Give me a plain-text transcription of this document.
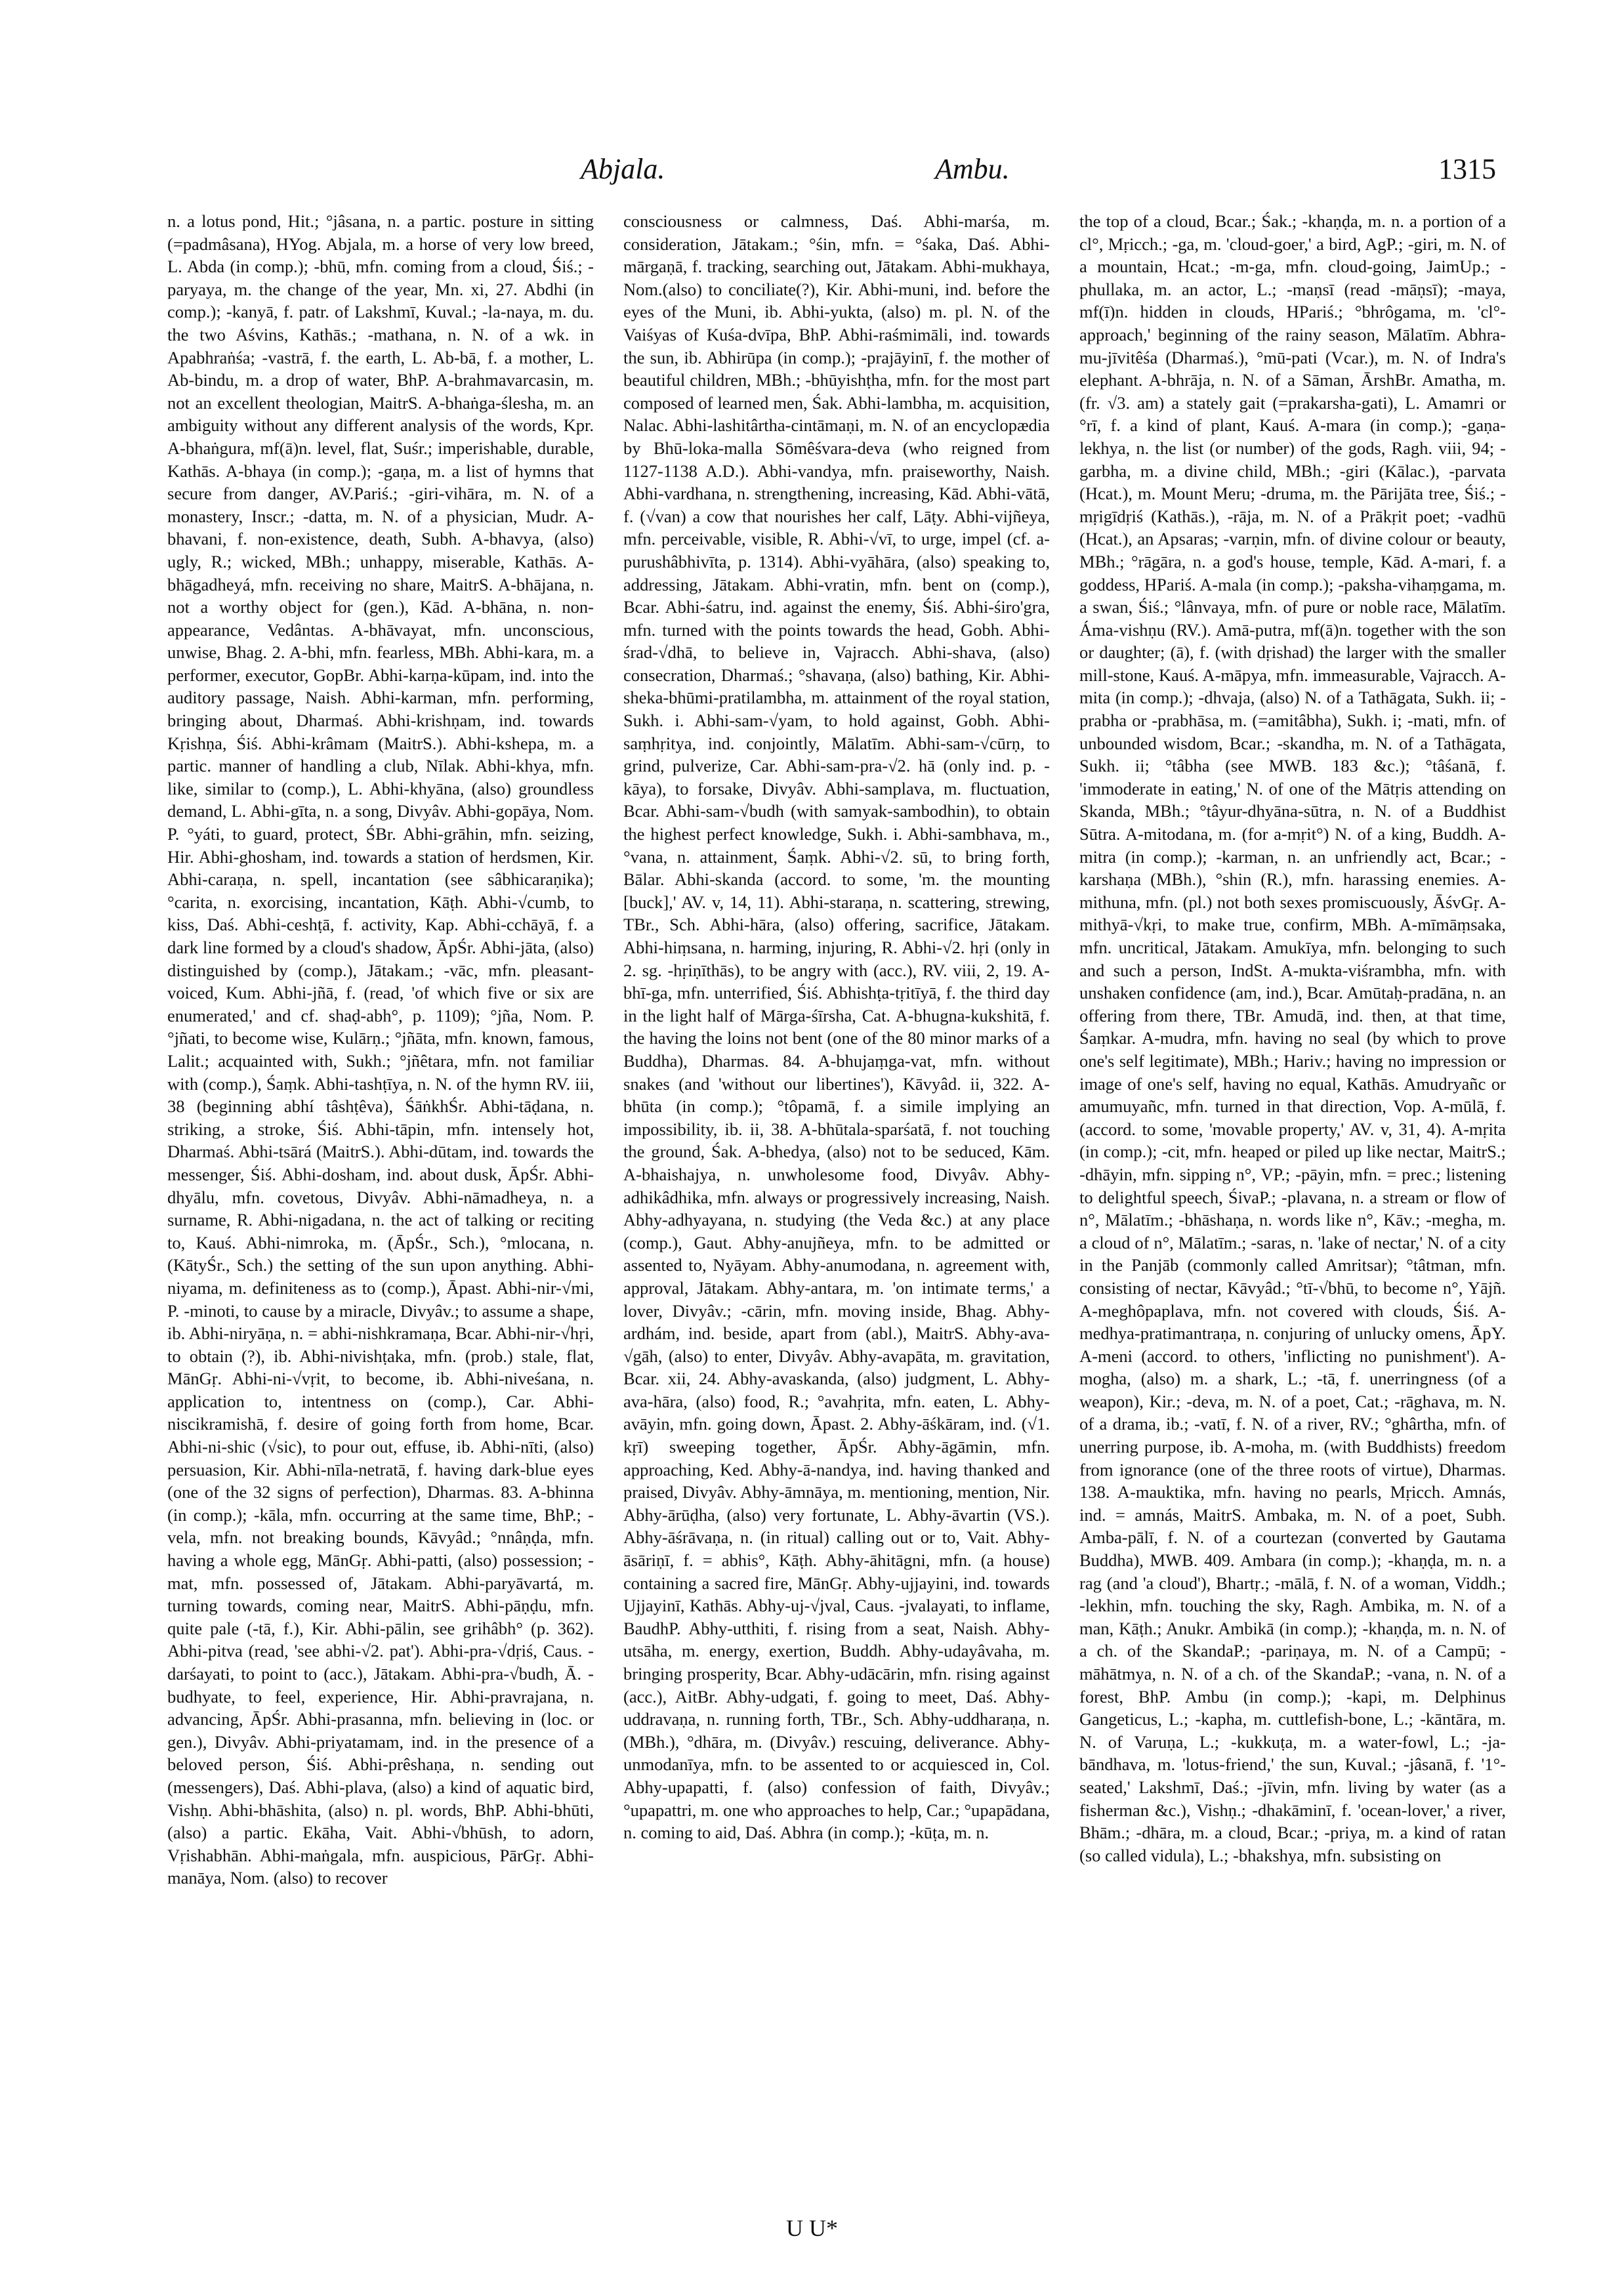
Abjala.	Ambu.	1315

n. a lotus pond, Hit.; °jâsana, n. a partic. posture in sitting (=padmâsana), HYog. Abjala, m. a horse of very low breed, L. Abda (in comp.); -bhū, mfn. coming from a cloud, Śiś.; -paryaya, m. the change of the year, Mn. xi, 27. Abdhi (in comp.); -kanyā, f. patr. of Lakshmī, Kuval.; -la-naya, m. du. the two Aśvins, Kathās.; -mathana, n. N. of a wk. in Apabhraṅśa; -vastrā, f. the earth, L. Ab-bā, f. a mother, L. Ab-bindu, m. a drop of water, BhP. A-brahmavarcasin, m. not an excellent theologian, MaitrS. A-bhaṅga-ślesha, m. an ambiguity without any different analysis of the words, Kpr. A-bhaṅgura, mf(ā)n. level, flat, Suśr.; imperishable, durable, Kathās. A-bhaya (in comp.); -gaṇa, m. a list of hymns that secure from danger, AV.Pariś.; -giri-vihāra, m. N. of a monastery, Inscr.; -datta, m. N. of a physician, Mudr. A-bhavani, f. non-existence, death, Subh. A-bhavya, (also) ugly, R.; wicked, MBh.; unhappy, miserable, Kathās. A-bhāgadheyá, mfn. receiving no share, MaitrS. A-bhājana, n. not a worthy object for (gen.), Kād. A-bhāna, n. non-appearance, Vedântas. A-bhāvayat, mfn. unconscious, unwise, Bhag. 2. A-bhi, mfn. fearless, MBh. Abhi-kara, m. a performer, executor, GopBr. Abhi-karṇa-kūpam, ind. into the auditory passage, Naish. Abhi-karman, mfn. performing, bringing about, Dharmaś. Abhi-krishṇam, ind. towards Kṛishṇa, Śiś. Abhi-krâmam (MaitrS.). Abhi-kshepa, m. a partic. manner of handling a club, Nīlak. Abhi-khya, mfn. like, similar to (comp.), L. Abhi-khyāna, (also) groundless demand, L. Abhi-gīta, n. a song, Divyâv. Abhi-gopāya, Nom. P. °yáti, to guard, protect, ŚBr. Abhi-grāhin, mfn. seizing, Hir. Abhi-ghosham, ind. towards a station of herdsmen, Kir. Abhi-caraṇa, n. spell, incantation (see sâbhicaraṇika); °carita, n. exorcising, incantation, Kāṭh. Abhi-√cumb, to kiss, Daś. Abhi-ceshṭā, f. activity, Kap. Abhi-cchāyā, f. a dark line formed by a cloud's shadow, ĀpŚr. Abhi-jāta, (also) distinguished by (comp.), Jātakam.; -vāc, mfn. pleasant-voiced, Kum. Abhi-jñā, f. (read, 'of which five or six are enumerated,' and cf. shaḍ-abh°, p. 1109); °jña, Nom. P. °jñati, to become wise, Kulārṇ.; °jñāta, mfn. known, famous, Lalit.; acquainted with, Sukh.; °jñêtara, mfn. not familiar with (comp.), Śaṃk. Abhi-tashṭīya, n. N. of the hymn RV. iii, 38 (beginning abhí tâshṭêva), ŚāṅkhŚr. Abhi-tāḍana, n. striking, a stroke, Śiś. Abhi-tāpin, mfn. intensely hot, Dharmaś. Abhi-tsārá (MaitrS.). Abhi-dūtam, ind. towards the messenger, Śiś. Abhi-dosham, ind. about dusk, ĀpŚr. Abhi-dhyālu, mfn. covetous, Divyâv. Abhi-nāmadheya, n. a surname, R. Abhi-nigadana, n. the act of talking or reciting to, Kauś. Abhi-nimroka, m. (ĀpŚr., Sch.), °mlocana, n. (KātyŚr., Sch.) the setting of the sun upon anything. Abhi-niyama, m. definiteness as to (comp.), Āpast. Abhi-nir-√mi, P. -minoti, to cause by a miracle, Divyâv.; to assume a shape, ib. Abhi-niryāṇa, n. = abhi-nishkramaṇa, Bcar. Abhi-nir-√hṛi, to obtain (?), ib. Abhi-nivishṭaka, mfn. (prob.) stale, flat, MānGṛ. Abhi-ni-√vṛit, to become, ib. Abhi-niveśana, n. application to, intentness on (comp.), Car. Abhi-niscikramishā, f. desire of going forth from home, Bcar. Abhi-ni-shic (√sic), to pour out, effuse, ib. Abhi-nīti, (also) persuasion, Kir. Abhi-nīla-netratā, f. having dark-blue eyes (one of the 32 signs of perfection), Dharmas. 83. A-bhinna (in comp.); -kāla, mfn. occurring at the same time, BhP.; -vela, mfn. not breaking bounds, Kāvyâd.; °nnâṇḍa, mfn. having a whole egg, MānGṛ. Abhi-patti, (also) possession; -mat, mfn. possessed of, Jātakam. Abhi-paryāvartá, m. turning towards, coming near, MaitrS. Abhi-pāṇḍu, mfn. quite pale (-tā, f.), Kir. Abhi-pālin, see grihâbh° (p. 362). Abhi-pitva (read, 'see abhi-√2. pat'). Abhi-pra-√dṛiś, Caus. -darśayati, to point to (acc.), Jātakam. Abhi-pra-√budh, Ā. -budhyate, to feel, experience, Hir. Abhi-pravrajana, n. advancing, ĀpŚr. Abhi-prasanna, mfn. believing in (loc. or gen.), Divyâv. Abhi-priyatamam, ind. in the presence of a beloved person, Śiś. Abhi-prêshaṇa, n. sending out (messengers), Daś. Abhi-plava, (also) a kind of aquatic bird, Vishṇ. Abhi-bhāshita, (also) n. pl. words, BhP. Abhi-bhūti, (also) a partic. Ekāha, Vait. Abhi-√bhūsh, to adorn, Vṛishabhān. Abhi-maṅgala, mfn. auspicious, PārGṛ. Abhi-manāya, Nom. (also) to recover

consciousness or calmness, Daś. Abhi-marśa, m. consideration, Jātakam.; °śin, mfn. = °śaka, Daś. Abhi-mārgaṇā, f. tracking, searching out, Jātakam. Abhi-mukhaya, Nom.(also) to conciliate(?), Kir. Abhi-muni, ind. before the eyes of the Muni, ib. Abhi-yukta, (also) m. pl. N. of the Vaiśyas of Kuśa-dvīpa, BhP. Abhi-raśmimāli, ind. towards the sun, ib. Abhirūpa (in comp.); -prajāyinī, f. the mother of beautiful children, MBh.; -bhūyishṭha, mfn. for the most part composed of learned men, Śak. Abhi-lambha, m. acquisition, Nalac. Abhi-lashitârtha-cintāmaṇi, m. N. of an encyclopædia by Bhū-loka-malla Sōmêśvara-deva (who reigned from 1127-1138 A.D.). Abhi-vandya, mfn. praiseworthy, Naish. Abhi-vardhana, n. strengthening, increasing, Kād. Abhi-vātā, f. (√van) a cow that nourishes her calf, Lāṭy. Abhi-vijñeya, mfn. perceivable, visible, R. Abhi-√vī, to urge, impel (cf. a-purushâbhivīta, p. 1314). Abhi-vyāhāra, (also) speaking to, addressing, Jātakam. Abhi-vratin, mfn. bent on (comp.), Bcar. Abhi-śatru, ind. against the enemy, Śiś. Abhi-śiro'gra, mfn. turned with the points towards the head, Gobh. Abhi-śrad-√dhā, to believe in, Vajracch. Abhi-shava, (also) consecration, Dharmaś.; °shavaṇa, (also) bathing, Kir. Abhi-sheka-bhūmi-pratilambha, m. attainment of the royal station, Sukh. i. Abhi-sam-√yam, to hold against, Gobh. Abhi-saṃhṛitya, ind. conjointly, Mālatīm. Abhi-sam-√cūrṇ, to grind, pulverize, Car. Abhi-sam-pra-√2. hā (only ind. p. -kāya), to forsake, Divyâv. Abhi-samplava, m. fluctuation, Bcar. Abhi-sam-√budh (with samyak-sambodhin), to obtain the highest perfect knowledge, Sukh. i. Abhi-sambhava, m., °vana, n. attainment, Śaṃk. Abhi-√2. sū, to bring forth, Bālar. Abhi-skanda (accord. to some, 'm. the mounting [buck],' AV. v, 14, 11). Abhi-staraṇa, n. scattering, strewing, TBr., Sch. Abhi-hāra, (also) offering, sacrifice, Jātakam. Abhi-hiṃsana, n. harming, injuring, R. Abhi-√2. hṛi (only in 2. sg. -hṛiṇīthās), to be angry with (acc.), RV. viii, 2, 19. A-bhī-ga, mfn. unterrified, Śiś. Abhishṭa-tṛitīyā, f. the third day in the light half of Mārga-śīrsha, Cat. A-bhugna-kukshitā, f. the having the loins not bent (one of the 80 minor marks of a Buddha), Dharmas. 84. A-bhujaṃga-vat, mfn. without snakes (and 'without our libertines'), Kāvyâd. ii, 322. A-bhūta (in comp.); °tôpamā, f. a simile implying an impossibility, ib. ii, 38. A-bhūtala-sparśatā, f. not touching the ground, Śak. A-bhedya, (also) not to be seduced, Kām. A-bhaishajya, n. unwholesome food, Divyâv. Abhy-adhikâdhika, mfn. always or progressively increasing, Naish. Abhy-adhyayana, n. studying (the Veda &c.) at any place (comp.), Gaut. Abhy-anujñeya, mfn. to be admitted or assented to, Nyāyam. Abhy-anumodana, n. agreement with, approval, Jātakam. Abhy-antara, m. 'on intimate terms,' a lover, Divyâv.; -cārin, mfn. moving inside, Bhag. Abhy-ardhám, ind. beside, apart from (abl.), MaitrS. Abhy-ava-√gāh, (also) to enter, Divyâv. Abhy-avapāta, m. gravitation, Bcar. xii, 24. Abhy-avaskanda, (also) judgment, L. Abhy-ava-hāra, (also) food, R.; °avahṛita, mfn. eaten, L. Abhy-avāyin, mfn. going down, Āpast. 2. Abhy-āśkāram, ind. (√1. kṛī) sweeping together, ĀpŚr. Abhy-āgāmin, mfn. approaching, Ked. Abhy-ā-nandya, ind. having thanked and praised, Divyâv. Abhy-āmnāya, m. mentioning, mention, Nir. Abhy-ārūḍha, (also) very fortunate, L. Abhy-āvartin (VS.). Abhy-āśrāvaṇa, n. (in ritual) calling out or to, Vait. Abhy-āsāriṇī, f. = abhis°, Kāṭh. Abhy-āhitāgni, mfn. (a house) containing a sacred fire, MānGṛ. Abhy-ujjayini, ind. towards Ujjayinī, Kathās. Abhy-uj-√jval, Caus. -jvalayati, to inflame, BaudhP. Abhy-utthiti, f. rising from a seat, Naish. Abhy-utsāha, m. energy, exertion, Buddh. Abhy-udayâvaha, m. bringing prosperity, Bcar. Abhy-udācārin, mfn. rising against (acc.), AitBr. Abhy-udgati, f. going to meet, Daś. Abhy-uddravaṇa, n. running forth, TBr., Sch. Abhy-uddharaṇa, n. (MBh.), °dhāra, m. (Divyâv.) rescuing, deliverance. Abhy-unmodanīya, mfn. to be assented to or acquiesced in, Col. Abhy-upapatti, f. (also) confession of faith, Divyâv.; °upapattri, m. one who approaches to help, Car.; °upapādana, n. coming to aid, Daś. Abhra (in comp.); -kūṭa, m. n.

the top of a cloud, Bcar.; Śak.; -khaṇḍa, m. n. a portion of a cl°, Mṛicch.; -ga, m. 'cloud-goer,' a bird, AgP.; -giri, m. N. of a mountain, Hcat.; -m-ga, mfn. cloud-going, JaimUp.; -phullaka, m. an actor, L.; -maṇsī (read -māṇsī); -maya, mf(ī)n. hidden in clouds, HPariś.; °bhrôgama, m. 'cl°-approach,' beginning of the rainy season, Mālatīm. Abhra-mu-jīvitêśa (Dharmaś.), °mū-pati (Vcar.), m. N. of Indra's elephant. A-bhrāja, n. N. of a Sāman, ĀrshBr. Amatha, m. (fr. √3. am) a stately gait (=prakarsha-gati), L. Amamri or °rī, f. a kind of plant, Kauś. A-mara (in comp.); -gaṇa-lekhya, n. the list (or number) of the gods, Ragh. viii, 94; -garbha, m. a divine child, MBh.; -giri (Kālac.), -parvata (Hcat.), m. Mount Meru; -druma, m. the Pārijāta tree, Śiś.; -mṛigīdṛiś (Kathās.), -rāja, m. N. of a Prākṛit poet; -vadhū (Hcat.), an Apsaras; -varṇin, mfn. of divine colour or beauty, MBh.; °rāgāra, n. a god's house, temple, Kād. A-mari, f. a goddess, HPariś. A-mala (in comp.); -paksha-vihaṃgama, m. a swan, Śiś.; °lânvaya, mfn. of pure or noble race, Mālatīm. Áma-vishṇu (RV.). Amā-putra, mf(ā)n. together with the son or daughter; (ā), f. (with dṛishad) the larger with the smaller mill-stone, Kauś. A-māpya, mfn. immeasurable, Vajracch. A-mita (in comp.); -dhvaja, (also) N. of a Tathāgata, Sukh. ii; -prabha or -prabhāsa, m. (=amitâbha), Sukh. i; -mati, mfn. of unbounded wisdom, Bcar.; -skandha, m. N. of a Tathāgata, Sukh. ii; °tâbha (see MWB. 183 &c.); °tâśanā, f. 'immoderate in eating,' N. of one of the Mātṛis attending on Skanda, MBh.; °tâyur-dhyāna-sūtra, n. N. of a Buddhist Sūtra. A-mitodana, m. (for a-mṛit°) N. of a king, Buddh. A-mitra (in comp.); -karman, n. an unfriendly act, Bcar.; -karshaṇa (MBh.), °shin (R.), mfn. harassing enemies. A-mithuna, mfn. (pl.) not both sexes promiscuously, ĀśvGṛ. A-mithyā-√kṛi, to make true, confirm, MBh. A-mīmāṃsaka, mfn. uncritical, Jātakam. Amukīya, mfn. belonging to such and such a person, IndSt. A-mukta-viśrambha, mfn. with unshaken confidence (am, ind.), Bcar. Amūtaḥ-pradāna, n. an offering from there, TBr. Amudā, ind. then, at that time, Śaṃkar. A-mudra, mfn. having no seal (by which to prove one's self legitimate), MBh.; Hariv.; having no impression or image of one's self, having no equal, Kathās. Amudryañc or amumuyañc, mfn. turned in that direction, Vop. A-mūlā, f. (accord. to some, 'movable property,' AV. v, 31, 4). A-mṛita (in comp.); -cit, mfn. heaped or piled up like nectar, MaitrS.; -dhāyin, mfn. sipping n°, VP.; -pāyin, mfn. = prec.; listening to delightful speech, ŚivaP.; -plavana, n. a stream or flow of n°, Mālatīm.; -bhāshaṇa, n. words like n°, Kāv.; -megha, m. a cloud of n°, Mālatīm.; -saras, n. 'lake of nectar,' N. of a city in the Panjāb (commonly called Amritsar); °tâtman, mfn. consisting of nectar, Kāvyâd.; °tī-√bhū, to become n°, Yājñ. A-meghôpaplava, mfn. not covered with clouds, Śiś. A-medhya-pratimantraṇa, n. conjuring of unlucky omens, ĀpY. A-meni (accord. to others, 'inflicting no punishment'). A-mogha, (also) m. a shark, L.; -tā, f. unerringness (of a weapon), Kir.; -deva, m. N. of a poet, Cat.; -rāghava, m. N. of a drama, ib.; -vatī, f. N. of a river, RV.; °ghârtha, mfn. of unerring purpose, ib. A-moha, m. (with Buddhists) freedom from ignorance (one of the three roots of virtue), Dharmas. 138. A-mauktika, mfn. having no pearls, Mṛicch. Amnás, ind. = amnás, MaitrS. Ambaka, m. N. of a poet, Subh. Amba-pālī, f. N. of a courtezan (converted by Gautama Buddha), MWB. 409. Ambara (in comp.); -khaṇḍa, m. n. a rag (and 'a cloud'), Bhartṛ.; -mālā, f. N. of a woman, Viddh.; -lekhin, mfn. touching the sky, Ragh. Ambika, m. N. of a man, Kāṭh.; Anukr. Ambikā (in comp.); -khaṇḍa, m. n. N. of a ch. of the SkandaP.; -pariṇaya, m. N. of a Campū; -māhātmya, n. N. of a ch. of the SkandaP.; -vana, n. N. of a forest, BhP. Ambu (in comp.); -kapi, m. Delphinus Gangeticus, L.; -kapha, m. cuttlefish-bone, L.; -kāntāra, m. N. of Varuṇa, L.; -kukkuṭa, m. a water-fowl, L.; -ja-bāndhava, m. 'lotus-friend,' the sun, Kuval.; -jâsanā, f. '1°-seated,' Lakshmī, Daś.; -jīvin, mfn. living by water (as a fisherman &c.), Vishṇ.; -dhakāminī, f. 'ocean-lover,' a river, Bhām.; -dhāra, m. a cloud, Bcar.; -priya, m. a kind of ratan (so called vidula), L.; -bhakshya, mfn. subsisting on

U U*
